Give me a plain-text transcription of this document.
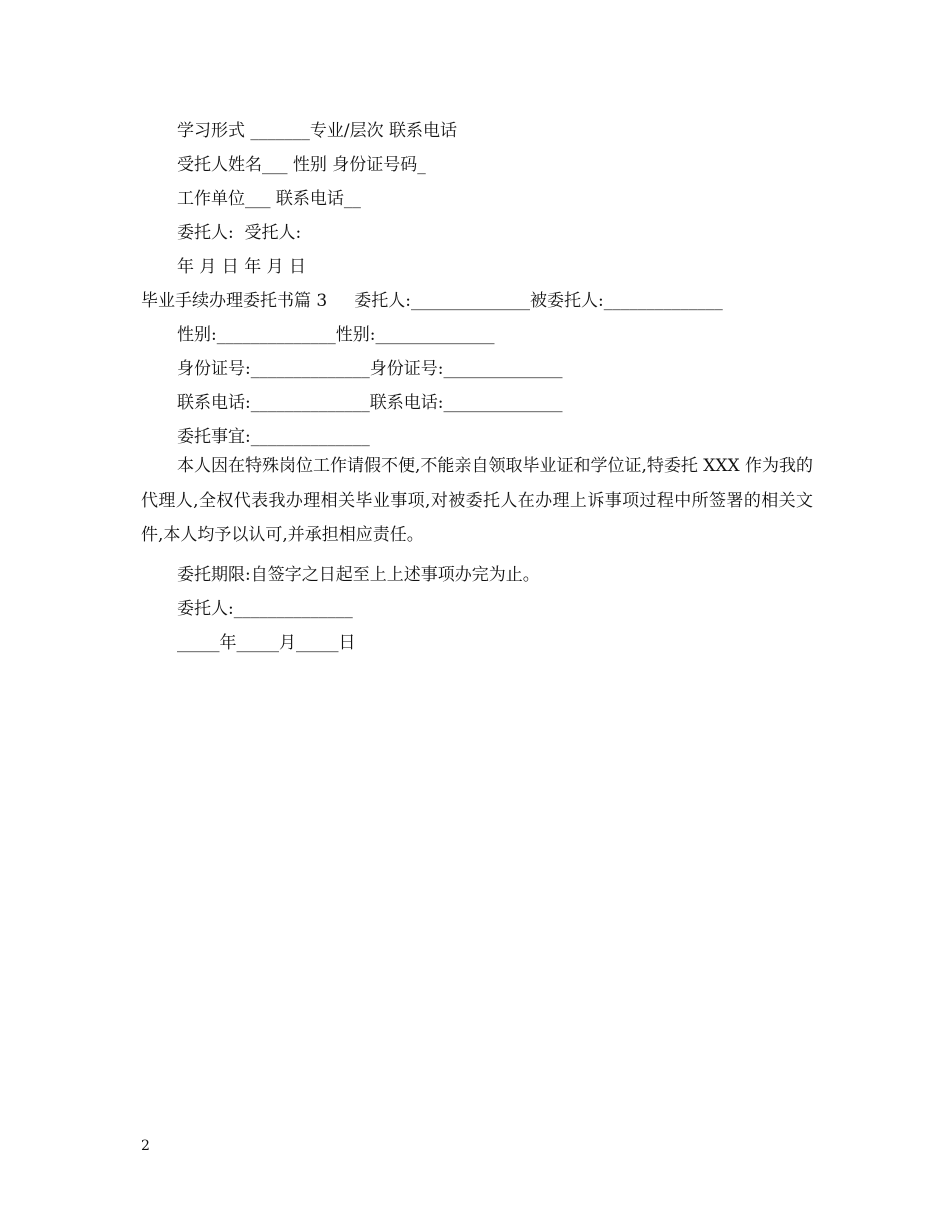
学习形式 _______专业/层次 联系电话
受托人姓名___ 性别 身份证号码_
工作单位___ 联系电话__
委托人:  受托人:
年 月 日 年 月 日
毕业手续办理委托书篇 3     委托人:______________被委托人:______________
性别:______________性别:______________
身份证号:______________身份证号:______________
联系电话:______________联系电话:______________
委托事宜:______________
本人因在特殊岗位工作请假不便,不能亲自领取毕业证和学位证,特委托 XXX 作为我的代理人,全权代表我办理相关毕业事项,对被委托人在办理上诉事项过程中所签署的相关文件,本人均予以认可,并承担相应责任。
委托期限:自签字之日起至上上述事项办完为止。
委托人:______________
_____年_____月_____日
2
